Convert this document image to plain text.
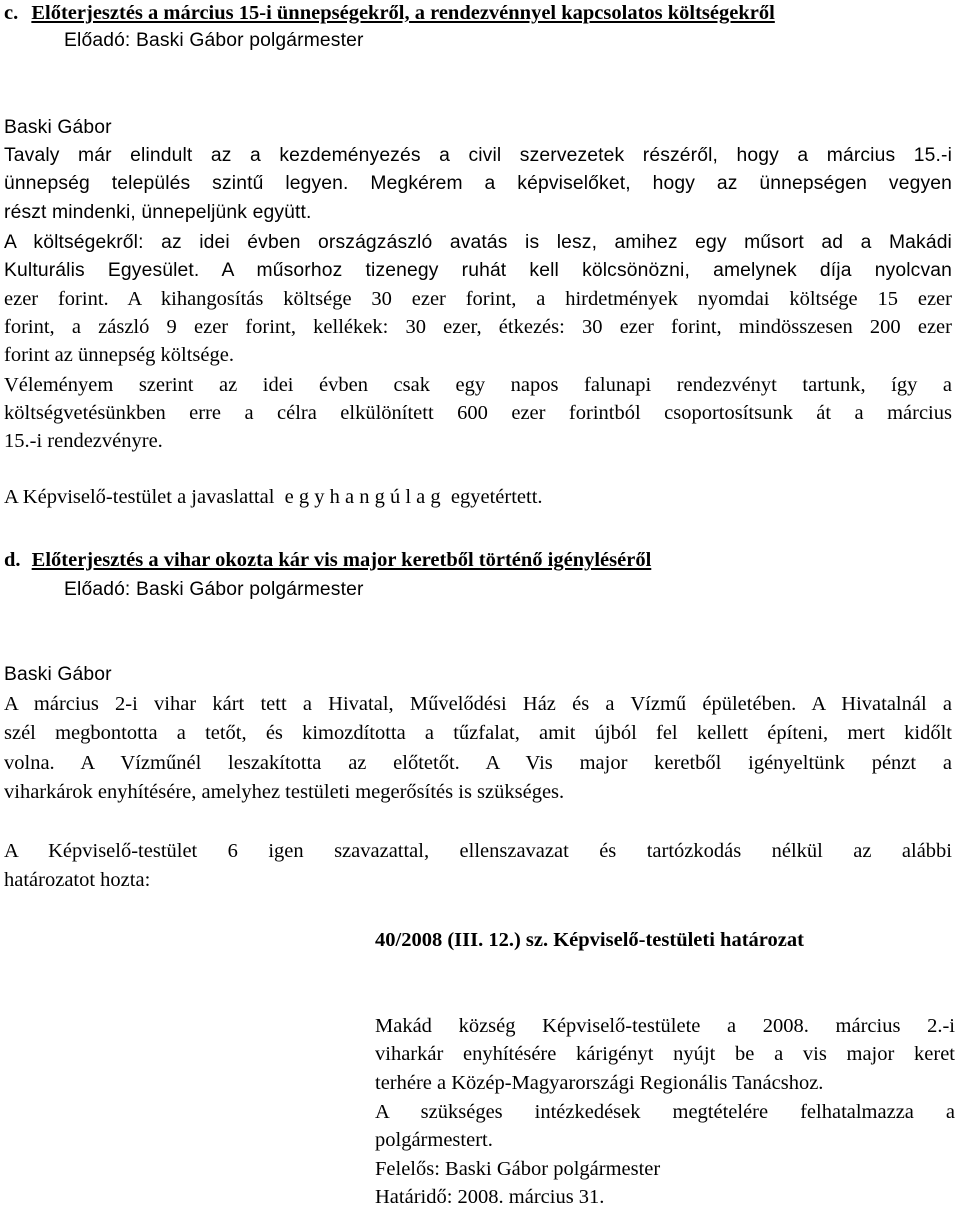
c. Előterjesztés a március 15-i ünnepségekről, a rendezvénnyel kapcsolatos költségekről
Előadó: Baski Gábor polgármester
Baski Gábor
Tavaly már elindult az a kezdeményezés a civil szervezetek részéről, hogy a március 15.-i
ünnepség település szintű legyen. Megkérem a képviselőket, hogy az ünnepségen vegyen
részt mindenki, ünnepeljünk együtt.
A költségekről: az idei évben országzászló avatás is lesz, amihez egy műsort ad a Makádi
Kulturális Egyesület. A műsorhoz tizenegy ruhát kell kölcsönözni, amelynek díja nyolcvan
ezer forint. A kihangosítás költsége 30 ezer forint, a hirdetmények nyomdai költsége 15 ezer
forint, a zászló 9 ezer forint, kellékek: 30 ezer, étkezés: 30 ezer forint, mindösszesen 200 ezer
forint az ünnepség költsége.
Véleményem szerint az idei évben csak egy napos falunapi rendezvényt tartunk, így a
költségvetésünkben erre a célra elkülönített 600 ezer forintból csoportosítsunk át a március
15.-i rendezvényre.
A Képviselő-testület a javaslattal  e g y h a n g ú l a g  egyetértett.
d. Előterjesztés a vihar okozta kár vis major keretből történő igényléséről
Előadó: Baski Gábor polgármester
Baski Gábor
A március 2-i vihar kárt tett a Hivatal, Művelődési Ház és a Vízmű épületében. A Hivatalnál a
szél megbontotta a tetőt, és kimozdította a tűzfalat, amit újból fel kellett építeni, mert kidőlt
volna. A Vízműnél leszakította az előtetőt. A Vis major keretből igényeltünk pénzt a
viharkárok enyhítésére, amelyhez testületi megerősítés is szükséges.
A Képviselő-testület 6 igen szavazattal, ellenszavazat és tartózkodás nélkül az alábbi
határozatot hozta:
40/2008 (III. 12.) sz. Képviselő-testületi határozat
Makád község Képviselő-testülete a 2008. március 2.-i
viharkár enyhítésére kárigényt nyújt be a vis major keret
terhére a Közép-Magyarországi Regionális Tanácshoz.
A szükséges intézkedések megtételére felhatalmazza a
polgármestert.
Felelős: Baski Gábor polgármester
Határidő: 2008. március 31.
